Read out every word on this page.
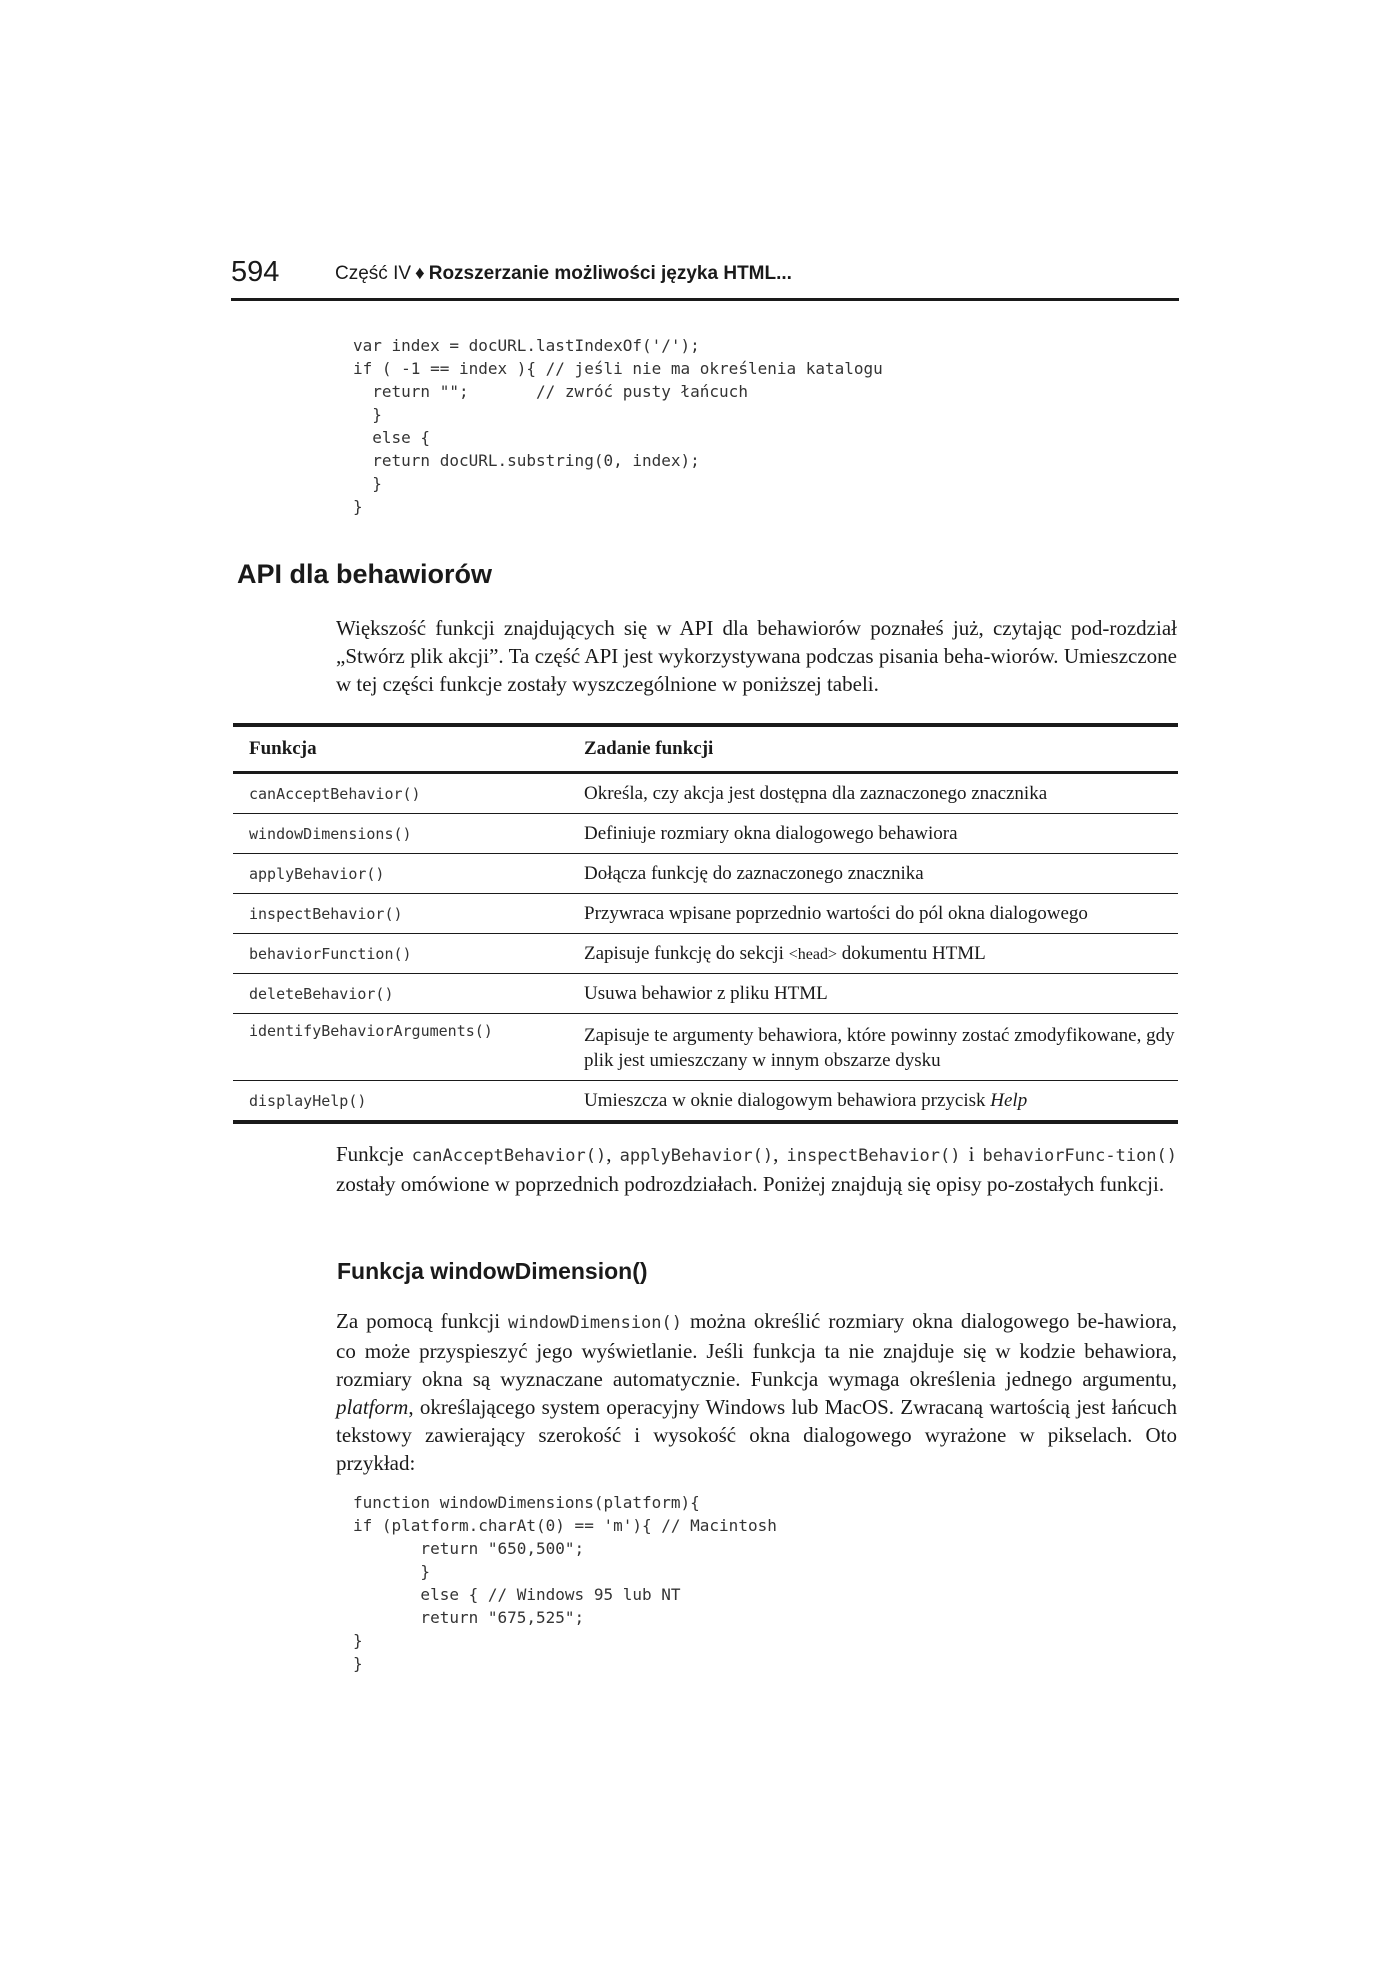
594	Część IV ♦ Rozszerzanie możliwości języka HTML...
var index = docURL.lastIndexOf('/');
if ( -1 == index ){ // jeśli nie ma określenia katalogu
return "";       // zwróć pusty łańcuch
}
else {
return docURL.substring(0, index);
}
}
API dla behawiorów

Większość funkcji znajdujących się w API dla behawiorów poznałeś już, czytając pod-rozdział „Stwórz plik akcji”. Ta część API jest wykorzystywana podczas pisania beha-wiorów. Umieszczone w tej części funkcje zostały wyszczególnione w poniższej tabeli.

Funkcja	Zadanie funkcji
canAcceptBehavior()	Określa, czy akcja jest dostępna dla zaznaczonego znacznika
windowDimensions()	Definiuje rozmiary okna dialogowego behawiora
applyBehavior()	Dołącza funkcję do zaznaczonego znacznika
inspectBehavior()	Przywraca wpisane poprzednio wartości do pól okna dialogowego
behaviorFunction()	Zapisuje funkcję do sekcji <head> dokumentu HTML
deleteBehavior()	Usuwa behawior z pliku HTML
identifyBehaviorArguments()	Zapisuje te argumenty behawiora, które powinny zostać zmodyfikowane, gdy plik jest umieszczany w innym obszarze dysku
displayHelp()	Umieszcza w oknie dialogowym behawiora przycisk Help

Funkcje canAcceptBehavior(), applyBehavior(), inspectBehavior() i behaviorFunc-tion() zostały omówione w poprzednich podrozdziałach. Poniżej znajdują się opisy po-zostałych funkcji.

Funkcja windowDimension()

Za pomocą funkcji windowDimension() można określić rozmiary okna dialogowego be-hawiora, co może przyspieszyć jego wyświetlanie. Jeśli funkcja ta nie znajduje się w kodzie behawiora, rozmiary okna są wyznaczane automatycznie. Funkcja wymaga określenia jednego argumentu, platform, określającego system operacyjny Windows lub MacOS. Zwracaną wartością jest łańcuch tekstowy zawierający szerokość i wysokość okna dialogowego wyrażone w pikselach. Oto przykład:

function windowDimensions(platform){
if (platform.charAt(0) == 'm'){ // Macintosh
return "650,500";
}
else { // Windows 95 lub NT
return "675,525";
}
}
